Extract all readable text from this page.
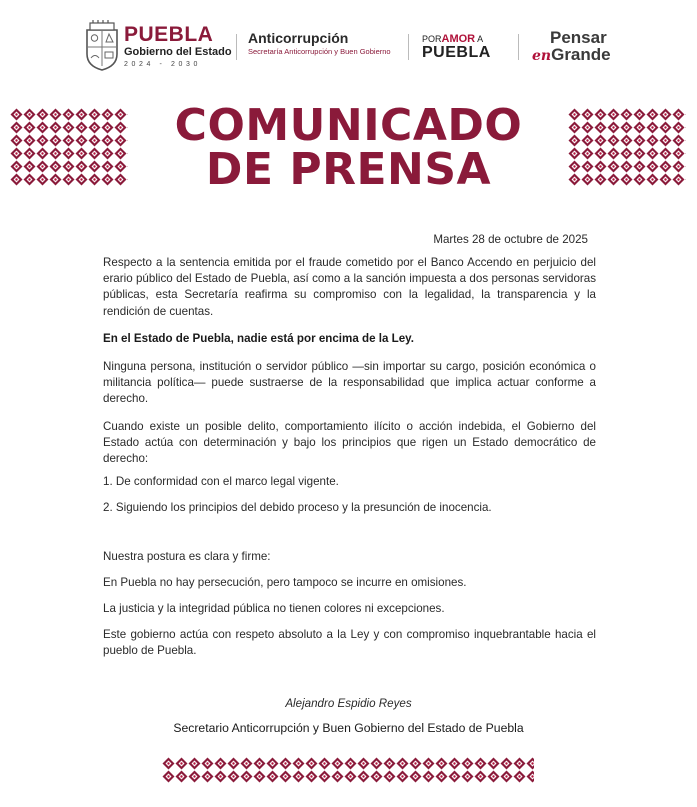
PUEBLA
Gobierno del Estado
2024 - 2030
Anticorrupción
Secretaría Anticorrupción y Buen Gobierno
PORAMOR A
PUEBLA
Pensar
enGrande
COMUNICADO
DE PRENSA
Martes 28 de octubre de 2025
Respecto a la sentencia emitida por el fraude cometido por el Banco Accendo en perjuicio del erario público del Estado de Puebla, así como a la sanción impuesta a dos personas servidoras públicas, esta Secretaría reafirma su compromiso con la legalidad, la transparencia y la rendición de cuentas.
En el Estado de Puebla, nadie está por encima de la Ley.
Ninguna persona, institución o servidor público —sin importar su cargo, posición económica o militancia política— puede sustraerse de la responsabilidad que implica actuar conforme a derecho.
Cuando existe un posible delito, comportamiento ilícito o acción indebida, el Gobierno del Estado actúa con determinación y bajo los principios que rigen un Estado democrático de derecho:
1. De conformidad con el marco legal vigente.
2. Siguiendo los principios del debido proceso y la presunción de inocencia.
Nuestra postura es clara y firme:
En Puebla no hay persecución, pero tampoco se incurre en omisiones.
La justicia y la integridad pública no tienen colores ni excepciones.
Este gobierno actúa con respeto absoluto a la Ley y con compromiso inquebrantable hacia el pueblo de Puebla.
Alejandro Espidio Reyes
Secretario Anticorrupción y Buen Gobierno del Estado de Puebla
